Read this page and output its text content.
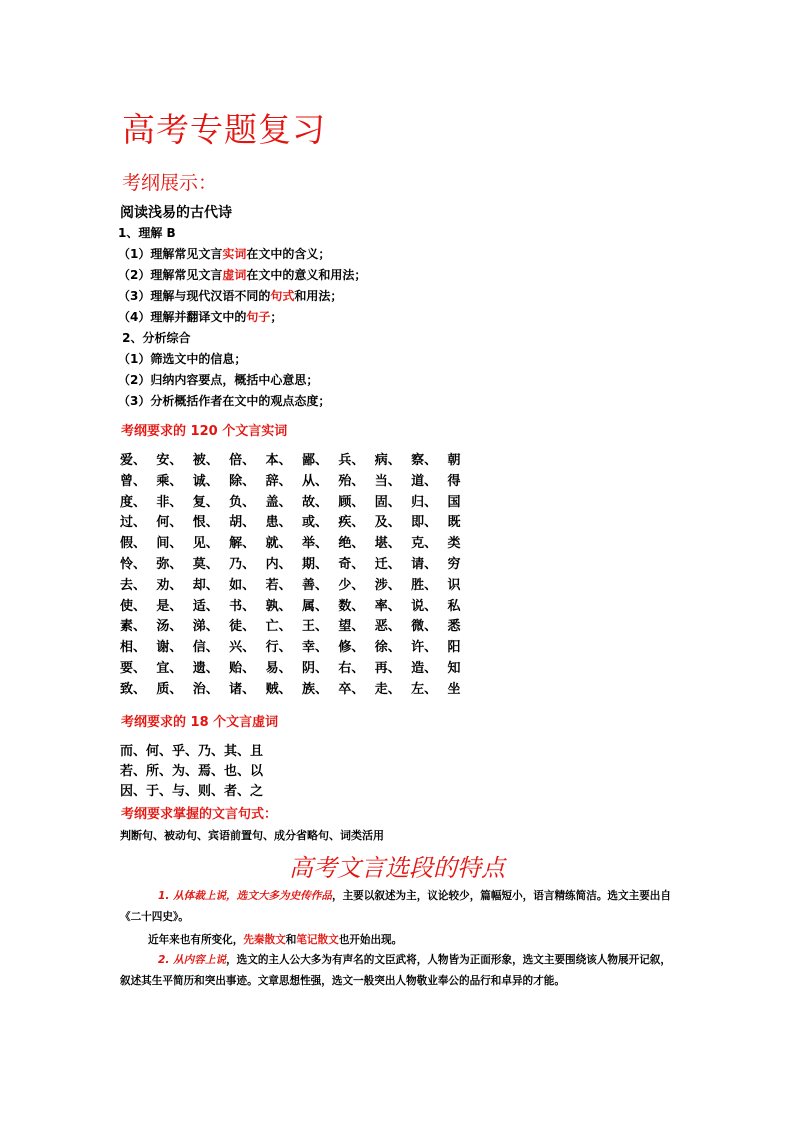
高考专题复习
考纲展示：
阅读浅易的古代诗
1、理解 B
（1）理解常见文言实词在文中的含义；
（2）理解常见文言虚词在文中的意义和用法；
（3）理解与现代汉语不同的句式和用法；
（4）理解并翻译文中的句子；
2、分析综合
（1）筛选文中的信息；
（2）归纳内容要点，概括中心意思；
（3）分析概括作者在文中的观点态度；
考纲要求的 120 个文言实词
爱、 安、 被、 倍、 本、 鄙、 兵、 病、 察、 朝
曾、 乘、 诚、 除、 辞、 从、 殆、 当、 道、 得
度、 非、 复、 负、 盖、 故、 顾、 固、 归、 国
过、 何、 恨、 胡、 患、 或、 疾、 及、 即、 既
假、 间、 见、 解、 就、 举、 绝、 堪、 克、 类
怜、 弥、 莫、 乃、 内、 期、 奇、 迁、 请、 穷
去、 劝、 却、 如、 若、 善、 少、 涉、 胜、 识
使、 是、 适、 书、 孰、 属、 数、 率、 说、 私
素、 汤、 涕、 徒、 亡、 王、 望、 恶、 微、 悉
相、 谢、 信、 兴、 行、 幸、 修、 徐、 许、 阳
要、 宜、 遗、 贻、 易、 阴、 右、 再、 造、 知
致、 质、 治、 诸、 贼、 族、 卒、 走、 左、 坐
考纲要求的 18 个文言虚词
而、何、乎、乃、其、且
若、所、为、焉、也、以
因、于、与、则、者、之
考纲要求掌握的文言句式：
判断句、被动句、宾语前置句、成分省略句、词类活用
高考文言选段的特点
1. 从体裁上说，选文大多为史传作品，主要以叙述为主，议论较少，篇幅短小，语言精练简洁。选文主要出自《二十四史》。
近年来也有所变化，先秦散文和笔记散文也开始出现。
2. 从内容上说，选文的主人公大多为有声名的文臣武将，人物皆为正面形象，选文主要围绕该人物展开记叙，叙述其生平简历和突出事迹。文章思想性强，选文一般突出人物敬业奉公的品行和卓异的才能。
